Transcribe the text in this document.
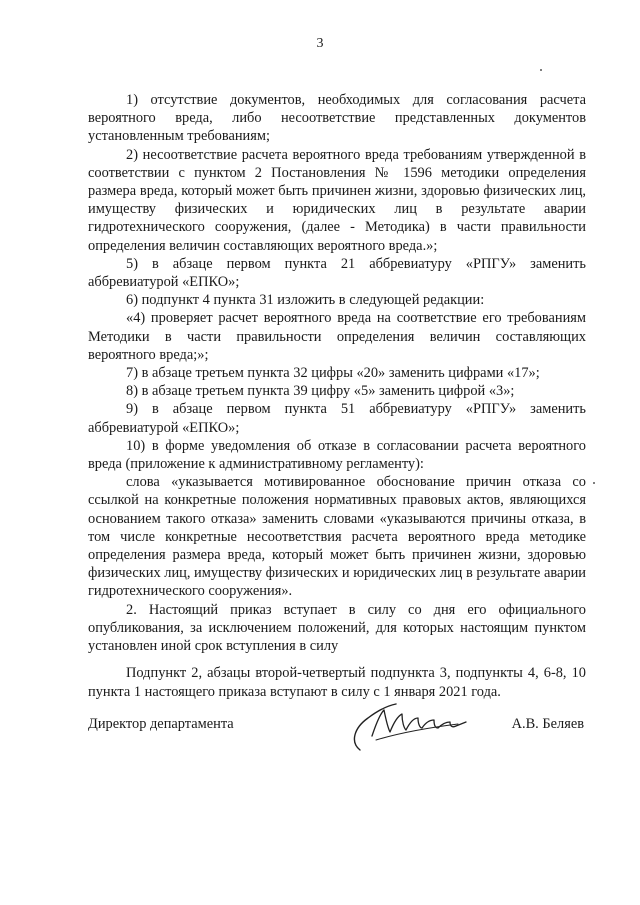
3

1) отсутствие документов, необходимых для согласования расчета вероятного вреда, либо несоответствие представленных документов установленным требованиям;

2) несоответствие расчета вероятного вреда требованиям утвержденной в соответствии с пунктом 2 Постановления № 1596 методики определения размера вреда, который может быть причинен жизни, здоровью физических лиц, имуществу физических и юридических лиц в результате аварии гидротехнического сооружения, (далее - Методика) в части правильности определения величин составляющих вероятного вреда.»;

5) в абзаце первом пункта 21 аббревиатуру «РПГУ» заменить аббревиатурой «ЕПКО»;

6) подпункт 4 пункта 31 изложить в следующей редакции:

«4) проверяет расчет вероятного вреда на соответствие его требованиям Методики в части правильности определения величин составляющих вероятного вреда;»;

7) в абзаце третьем пункта 32 цифры «20» заменить цифрами «17»;

8) в абзаце третьем пункта 39 цифру «5» заменить цифрой «3»;

9) в абзаце первом пункта 51 аббревиатуру «РПГУ» заменить аббревиатурой «ЕПКО»;

10) в форме уведомления об отказе в согласовании расчета вероятного вреда (приложение к административному регламенту):

слова «указывается мотивированное обоснование причин отказа со ссылкой на конкретные положения нормативных правовых актов, являющихся основанием такого отказа» заменить словами «указываются причины отказа, в том числе конкретные несоответствия расчета вероятного вреда методике определения размера вреда, который может быть причинен жизни, здоровью физических лиц, имуществу физических и юридических лиц в результате аварии гидротехнического сооружения».

2. Настоящий приказ вступает в силу со дня его официального опубликования, за исключением положений, для которых настоящим пунктом установлен иной срок вступления в силу

Подпункт 2, абзацы второй-четвертый подпункта 3, подпункты 4, 6-8, 10 пункта 1 настоящего приказа вступают в силу с 1 января 2021 года.

Директор департамента	А.В. Беляев
